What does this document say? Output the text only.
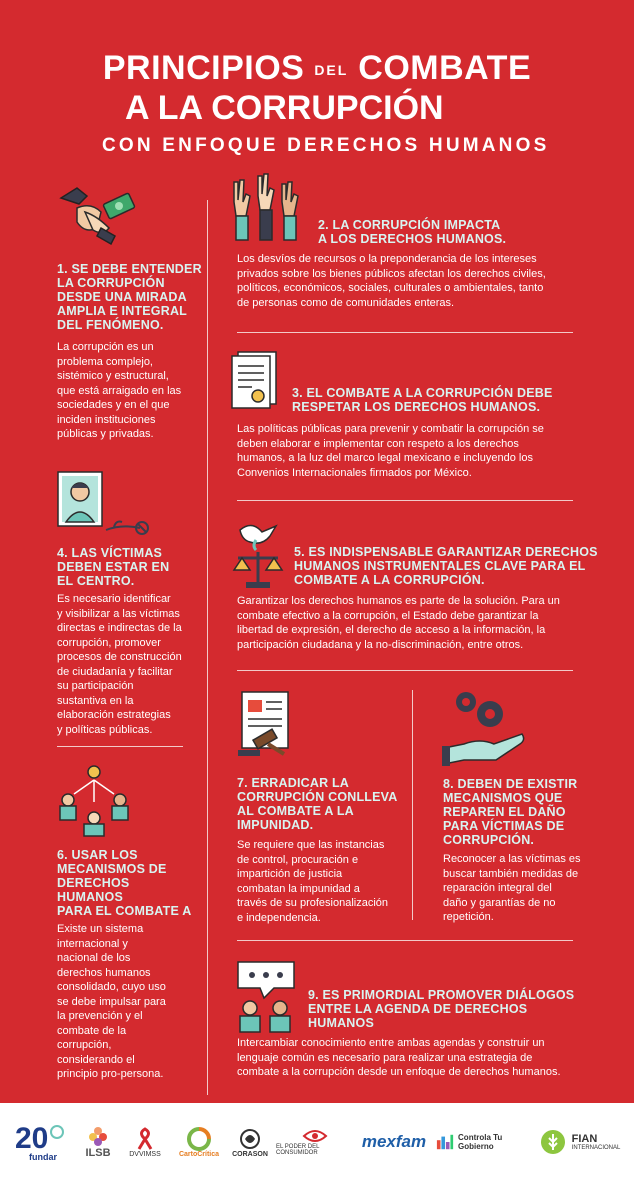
PRINCIPIOS DEL COMBATE
A LA CORRUPCIÓN
CON ENFOQUE DERECHOS HUMANOS
1. SE DEBE ENTENDER
LA CORRUPCIÓN
DESDE UNA MIRADA
AMPLIA E INTEGRAL
DEL FENÓMENO.
La corrupción es un
problema complejo,
sistémico y estructural,
que está arraigado en las
sociedades y en el que
inciden instituciones
públicas y privadas.
2. LA CORRUPCIÓN IMPACTA
A LOS DERECHOS HUMANOS.
Los desvíos de recursos o la preponderancia de los intereses
privados sobre los bienes públicos afectan los derechos civiles,
políticos, económicos, sociales, culturales o ambientales, tanto
de personas como de comunidades enteras.
3. EL COMBATE A LA CORRUPCIÓN DEBE
RESPETAR LOS DERECHOS HUMANOS.
Las políticas públicas para prevenir y combatir la corrupción se
deben elaborar e implementar con respeto a los derechos
humanos, a la luz del marco legal mexicano e incluyendo los
Convenios Internacionales firmados por México.
4. LAS VÍCTIMAS
DEBEN ESTAR EN
EL CENTRO.
Es necesario identificar
y visibilizar a las víctimas
directas e indirectas de la
corrupción, promover
procesos de construcción
de ciudadanía y facilitar
su participación
sustantiva en la
elaboración estrategias
y políticas públicas.
5. ES INDISPENSABLE GARANTIZAR DERECHOS
HUMANOS INSTRUMENTALES CLAVE PARA EL
COMBATE A LA CORRUPCIÓN.
Garantizar los derechos humanos es parte de la solución. Para un
combate efectivo a la corrupción, el Estado debe garantizar la
libertad de expresión, el derecho de acceso a la información, la
participación ciudadana y la no-discriminación, entre otros.
6. USAR LOS
MECANISMOS DE
DERECHOS
HUMANOS
PARA EL COMBATE A
Existe un sistema
internacional y
nacional de los
derechos humanos
consolidado, cuyo uso
se debe impulsar para
la prevención y el
combate de la
corrupción,
considerando el
principio pro-persona.
7. ERRADICAR LA
CORRUPCIÓN CONLLEVA
AL COMBATE A LA
IMPUNIDAD.
Se requiere que las instancias
de control, procuración e
impartición de justicia
combatan la impunidad a
través de su profesionalización
e independencia.
8. DEBEN DE EXISTIR
MECANISMOS QUE
REPAREN EL DAÑO
PARA VÍCTIMAS DE
CORRUPCIÓN.
Reconocer a las víctimas es
buscar también medidas de
reparación integral del
daño y garantías de no
repetición.
9. ES PRIMORDIAL PROMOVER DIÁLOGOS
ENTRE LA AGENDA DE DERECHOS
HUMANOS
Intercambiar conocimiento entre ambas agendas y construir un
lenguaje común es necesario para realizar una estrategia de
combate a la corrupción desde un enfoque de derechos humanos.
20
fundar	ILSB	DVVIMSS	CartoCrítica CORASON
EL PODER DEL CONSUMIDOR
mexfam	Controla Tu Gobierno
FIAN
INTERNACIONAL
